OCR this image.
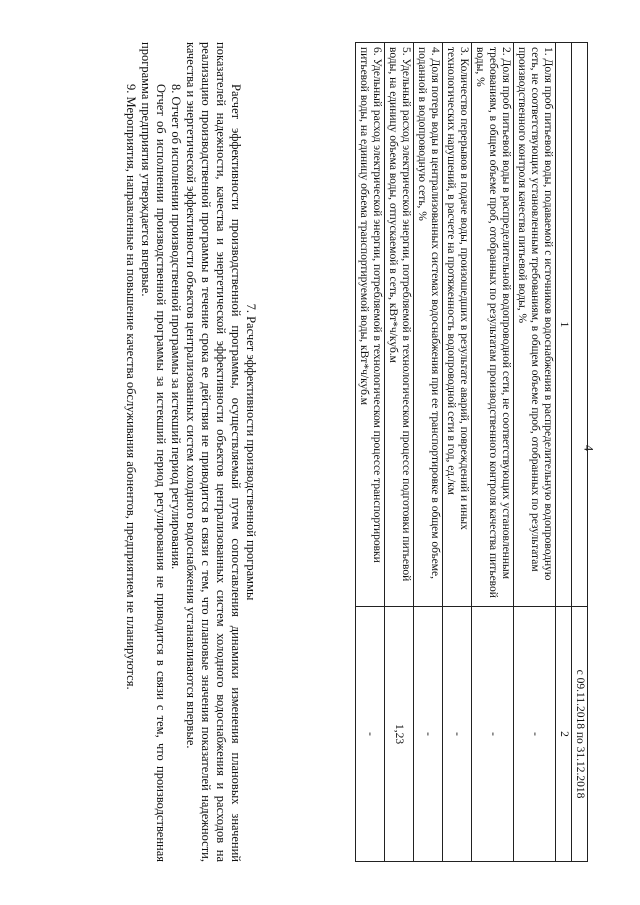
4
	с 09.11.2018 по 31.12.2018
1	2
1. Доля проб питьевой воды, подаваемой с источников водоснабжения в распределительную водопроводную сеть, не соответствующих установленным требованиям, в общем объеме проб, отобранных по результатам производственного контроля качества питьевой воды, %	-
2. Доля проб питьевой воды в распределительной водопроводной сети, не соответствующих установленным требованиям, в общем объеме проб, отобранных по результатам производственного контроля качества питьевой воды, %	-
3. Количество перерывов в подаче воды, произошедших в результате аварий, повреждений и иных технологических нарушений, в расчете на протяженность водопроводной сети в год, ед./км	-
4. Доля потерь воды в централизованных системах водоснабжения при ее транспортировке в общем объеме, поданной в водопроводную сеть, %	-
5. Удельный расход электрической энергии, потребляемой в технологическом процессе подготовки питьевой воды, на единицу объема воды, отпускаемой в сеть, кВт*ч/куб.м	1,23
6. Удельный расход электрической энергии, потребляемой в технологическом процессе транспортировки питьевой воды, на единицу объема транспортируемой воды, кВт*ч/куб.м	-

7. Расчет эффективности производственной программы

Расчет эффективности производственной программы, осуществляемый путем сопоставления динамики изменения плановых значений показателей надежности, качества и энергетической эффективности объектов централизованных систем холодного водоснабжения и расходов на реализацию производственной программы в течение срока ее действия не приводится в связи с тем, что плановые значения показателей надежности, качества и энергетической эффективности объектов централизованных систем холодного водоснабжения устанавливаются впервые.

8. Отчет об исполнении производственной программы за истекший период регулирования.

Отчет об исполнении производственной программы за истекший период регулирования не приводится в связи с тем, что производственная программа предприятия утверждается впервые.

9. Мероприятия, направленные на повышение качества обслуживания абонентов, предприятием не планируются.
